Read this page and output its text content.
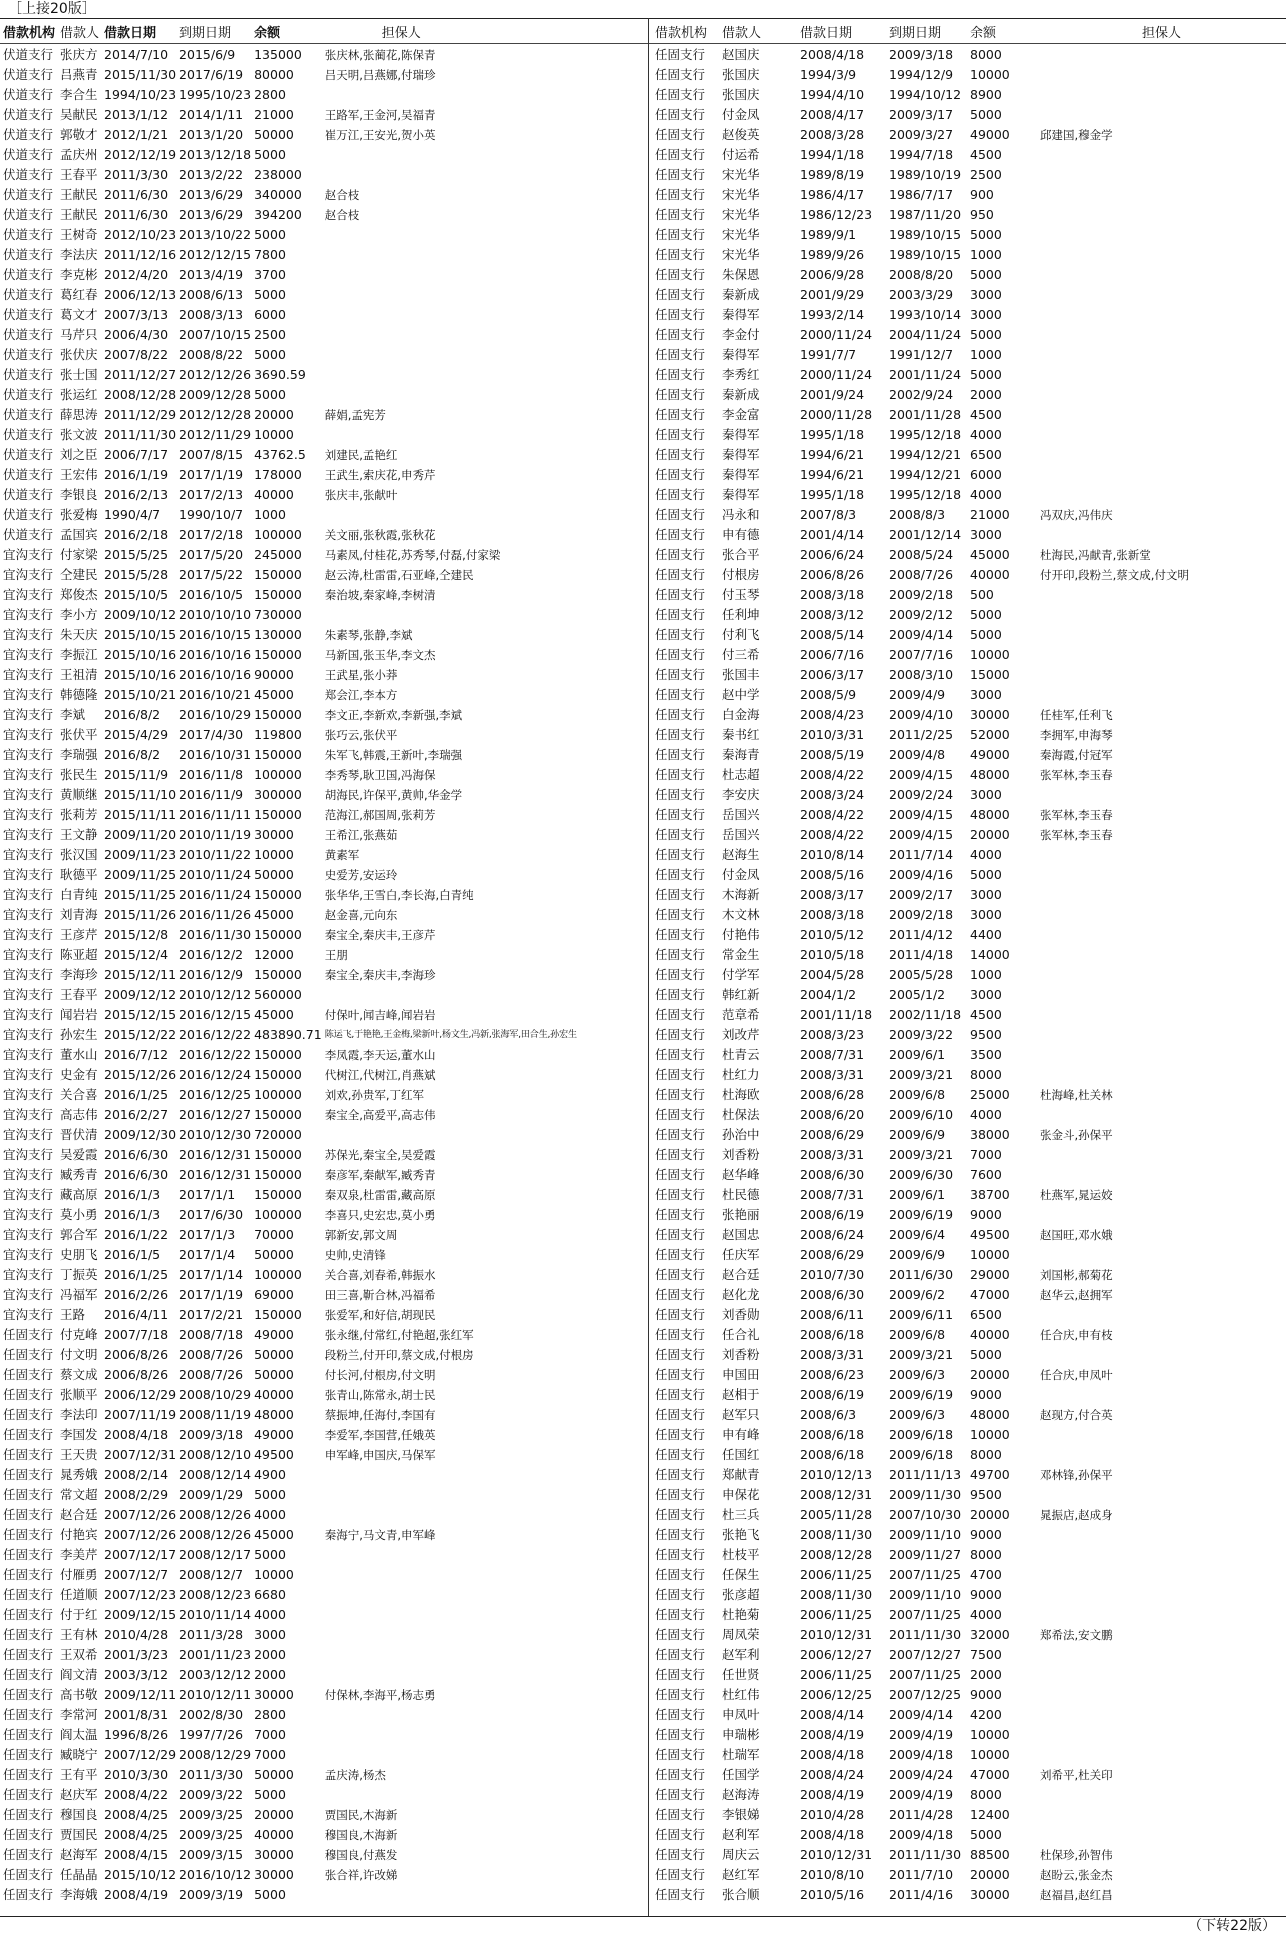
［上接20版］
借款机构	借款人	借款日期	到期日期	余额	担保人
伏道支行	张庆方	2014/7/10	2015/6/9	135000	张庆林,张蔺花,陈保青
伏道支行	吕燕青	2015/11/30	2017/6/19	80000	吕天明,吕燕娜,付瑞珍
伏道支行	李合生	1994/10/23	1995/10/23	2800	
伏道支行	吴献民	2013/1/12	2014/1/11	21000	王路军,王金河,吴福青
伏道支行	郭敬才	2012/1/21	2013/1/20	50000	崔万江,王安光,贺小英
伏道支行	孟庆州	2012/12/19	2013/12/18	5000	
伏道支行	王春平	2011/3/30	2013/2/22	238000	
伏道支行	王献民	2011/6/30	2013/6/29	340000	赵合枝
伏道支行	王献民	2011/6/30	2013/6/29	394200	赵合枝
伏道支行	王树奇	2012/10/23	2013/10/22	5000	
伏道支行	李法庆	2011/12/16	2012/12/15	7800	
伏道支行	李克彬	2012/4/20	2013/4/19	3700	
伏道支行	葛红春	2006/12/13	2008/6/13	5000	
伏道支行	葛文才	2007/3/13	2008/3/13	6000	
伏道支行	马芹只	2006/4/30	2007/10/15	2500	
伏道支行	张伏庆	2007/8/22	2008/8/22	5000	
伏道支行	张士国	2011/12/27	2012/12/26	3690.59	
伏道支行	张运红	2008/12/28	2009/12/28	5000	
伏道支行	薛思涛	2011/12/29	2012/12/28	20000	薛娟,孟宪芳
伏道支行	张文波	2011/11/30	2012/11/29	10000	
伏道支行	刘之臣	2006/7/17	2007/8/15	43762.5	刘建民,孟艳红
伏道支行	王宏伟	2016/1/19	2017/1/19	178000	王武生,索庆花,申秀芹
伏道支行	李银良	2016/2/13	2017/2/13	40000	张庆丰,张献叶
伏道支行	张爱梅	1990/4/7	1990/10/7	1000	
伏道支行	孟国宾	2016/2/18	2017/2/18	100000	关文丽,张秋霞,张秋花
宜沟支行	付家梁	2015/5/25	2017/5/20	245000	马素凤,付桂花,苏秀琴,付磊,付家梁
宜沟支行	仝建民	2015/5/28	2017/5/22	150000	赵云涛,杜雷雷,石亚峰,仝建民
宜沟支行	郑俊杰	2015/10/5	2016/10/5	150000	秦治坡,秦家峰,李树清
宜沟支行	李小方	2009/10/12	2010/10/10	730000	
宜沟支行	朱天庆	2015/10/15	2016/10/15	130000	朱素琴,张静,李斌
宜沟支行	李振江	2015/10/16	2016/10/16	150000	马新国,张玉华,李文杰
宜沟支行	王祖清	2015/10/16	2016/10/16	90000	王武星,张小莽
宜沟支行	韩德隆	2015/10/21	2016/10/21	45000	郑会江,李本方
宜沟支行	李斌	2016/8/2	2016/10/29	150000	李文正,李新欢,李新强,李斌
宜沟支行	张伏平	2015/4/29	2017/4/30	119800	张巧云,张伏平
宜沟支行	李瑞强	2016/8/2	2016/10/31	150000	朱军飞,韩震,王新叶,李瑞强
宜沟支行	张民生	2015/11/9	2016/11/8	100000	李秀琴,耿卫国,冯海保
宜沟支行	黄顺继	2015/11/10	2016/11/9	300000	胡海民,许保平,黄帅,华金学
宜沟支行	张莉芳	2015/11/11	2016/11/11	150000	范海江,郝国周,张莉芳
宜沟支行	王文静	2009/11/20	2010/11/19	30000	王希江,张燕茹
宜沟支行	张汉国	2009/11/23	2010/11/22	10000	黄素军
宜沟支行	耿德平	2009/11/25	2010/11/24	50000	史爱芳,安运玲
宜沟支行	白青纯	2015/11/25	2016/11/24	150000	张华华,王雪白,李长海,白青纯
宜沟支行	刘青海	2015/11/26	2016/11/26	45000	赵金喜,元向东
宜沟支行	王彦芹	2015/12/8	2016/11/30	150000	秦宝全,秦庆丰,王彦芹
宜沟支行	陈亚超	2015/12/4	2016/12/2	12000	王朋
宜沟支行	李海珍	2015/12/11	2016/12/9	150000	秦宝全,秦庆丰,李海珍
宜沟支行	王春平	2009/12/12	2010/12/12	560000	
宜沟支行	闻岩岩	2015/12/15	2016/12/15	45000	付保叶,闻吉峰,闻岩岩
宜沟支行	孙宏生	2015/12/22	2016/12/22	483890.71	陈运飞,于艳艳,王金梅,梁新叶,杨文生,冯新,张海军,田合生,孙宏生
宜沟支行	董水山	2016/7/12	2016/12/22	150000	李凤霞,李天运,董水山
宜沟支行	史金有	2015/12/26	2016/12/24	150000	代树江,代树江,肖燕斌
宜沟支行	关合喜	2016/1/25	2016/12/25	100000	刘欢,孙贵军,丁红军
宜沟支行	高志伟	2016/2/27	2016/12/27	150000	秦宝全,高爱平,高志伟
宜沟支行	晋伏清	2009/12/30	2010/12/30	720000	
宜沟支行	吴爱霞	2016/6/30	2016/12/31	150000	苏保光,秦宝全,吴爱霞
宜沟支行	臧秀青	2016/6/30	2016/12/31	150000	秦彦军,秦献军,臧秀青
宜沟支行	藏高原	2016/1/3	2017/1/1	150000	秦双泉,杜雷雷,藏高原
宜沟支行	莫小勇	2016/1/3	2017/6/30	100000	李喜只,史宏忠,莫小勇
宜沟支行	郭合军	2016/1/22	2017/1/3	70000	郭新安,郭文周
宜沟支行	史朋飞	2016/1/5	2017/1/4	50000	史帅,史清锋
宜沟支行	丁振英	2016/1/25	2017/1/14	100000	关合喜,刘春希,韩振水
宜沟支行	冯福军	2016/2/26	2017/1/19	69000	田三喜,靳合林,冯福希
宜沟支行	王路	2016/4/11	2017/2/21	150000	张爱军,和好信,胡现民
任固支行	付克峰	2007/7/18	2008/7/18	49000	张永继,付常红,付艳超,张红军
任固支行	付文明	2006/8/26	2008/7/26	50000	段粉兰,付开印,蔡文成,付根房
任固支行	蔡文成	2006/8/26	2008/7/26	50000	付长河,付根房,付文明
任固支行	张顺平	2006/12/29	2008/10/29	40000	张青山,陈常永,胡士民
任固支行	李法印	2007/11/19	2008/11/19	48000	蔡振坤,任海付,李国有
任固支行	李国发	2008/4/18	2009/3/18	49000	李爱军,李国营,任娥英
任固支行	王天贵	2007/12/31	2008/12/10	49500	申军峰,申国庆,马保军
任固支行	晁秀娥	2008/2/14	2008/12/14	4900	
任固支行	常文超	2008/2/29	2009/1/29	5000	
任固支行	赵合廷	2007/12/26	2008/12/26	4000	
任固支行	付艳宾	2007/12/26	2008/12/26	45000	秦海宁,马文青,申军峰
任固支行	李美芹	2007/12/17	2008/12/17	5000	
任固支行	付雁勇	2007/12/7	2008/12/7	10000	
任固支行	任道顺	2007/12/23	2008/12/23	6680	
任固支行	付于红	2009/12/15	2010/11/14	4000	
任固支行	王有林	2010/4/28	2011/3/28	3000	
任固支行	王双希	2001/3/23	2001/11/23	2000	
任固支行	阎文清	2003/3/12	2003/12/12	2000	
任固支行	高书敬	2009/12/11	2010/12/11	30000	付保林,李海平,杨志勇
任固支行	李常河	2001/8/31	2002/8/30	2800	
任固支行	阎太温	1996/8/26	1997/7/26	7000	
任固支行	臧晓宁	2007/12/29	2008/12/29	7000	
任固支行	王有平	2010/3/30	2011/3/30	50000	孟庆涛,杨杰
任固支行	赵庆军	2008/4/22	2009/3/22	5000	
任固支行	穆国良	2008/4/25	2009/3/25	20000	贾国民,木海新
任固支行	贾国民	2008/4/25	2009/3/25	40000	穆国良,木海新
任固支行	赵海军	2008/4/15	2009/3/15	30000	穆国良,付燕发
任固支行	任晶晶	2015/10/12	2016/10/12	30000	张合祥,许改娣
任固支行	李海娥	2008/4/19	2009/3/19	5000	
借款机构	借款人	借款日期	到期日期	余额	担保人
任固支行	赵国庆	2008/4/18	2009/3/18	8000	
任固支行	张国庆	1994/3/9	1994/12/9	10000	
任固支行	张国庆	1994/4/10	1994/10/12	8900	
任固支行	付金凤	2008/4/17	2009/3/17	5000	
任固支行	赵俊英	2008/3/28	2009/3/27	49000	邱建国,穆金学
任固支行	付运希	1994/1/18	1994/7/18	4500	
任固支行	宋光华	1989/8/19	1989/10/19	2500	
任固支行	宋光华	1986/4/17	1986/7/17	900	
任固支行	宋光华	1986/12/23	1987/11/20	950	
任固支行	宋光华	1989/9/1	1989/10/15	5000	
任固支行	宋光华	1989/9/26	1989/10/15	1000	
任固支行	朱保恩	2006/9/28	2008/8/20	5000	
任固支行	秦新成	2001/9/29	2003/3/29	3000	
任固支行	秦得军	1993/2/14	1993/10/14	3000	
任固支行	李金付	2000/11/24	2004/11/24	5000	
任固支行	秦得军	1991/7/7	1991/12/7	1000	
任固支行	李秀红	2000/11/24	2001/11/24	5000	
任固支行	秦新成	2001/9/24	2002/9/24	2000	
任固支行	李金富	2000/11/28	2001/11/28	4500	
任固支行	秦得军	1995/1/18	1995/12/18	4000	
任固支行	秦得军	1994/6/21	1994/12/21	6500	
任固支行	秦得军	1994/6/21	1994/12/21	6000	
任固支行	秦得军	1995/1/18	1995/12/18	4000	
任固支行	冯永和	2007/8/3	2008/8/3	21000	冯双庆,冯伟庆
任固支行	申有德	2001/4/14	2001/12/14	3000	
任固支行	张合平	2006/6/24	2008/5/24	45000	杜海民,冯献青,张新堂
任固支行	付根房	2006/8/26	2008/7/26	40000	付开印,段粉兰,蔡文成,付文明
任固支行	付玉琴	2008/3/18	2009/2/18	500	
任固支行	任利坤	2008/3/12	2009/2/12	5000	
任固支行	付利飞	2008/5/14	2009/4/14	5000	
任固支行	付三希	2006/7/16	2007/7/16	10000	
任固支行	张国丰	2006/3/17	2008/3/10	15000	
任固支行	赵中学	2008/5/9	2009/4/9	3000	
任固支行	白金海	2008/4/23	2009/4/10	30000	任桂军,任利飞
任固支行	秦书红	2010/3/31	2011/2/25	52000	李拥军,申海琴
任固支行	秦海青	2008/5/19	2009/4/8	49000	秦海霞,付冠军
任固支行	杜志超	2008/4/22	2009/4/15	48000	张军林,李玉春
任固支行	李安庆	2008/3/24	2009/2/24	3000	
任固支行	岳国兴	2008/4/22	2009/4/15	48000	张军林,李玉春
任固支行	岳国兴	2008/4/22	2009/4/15	20000	张军林,李玉春
任固支行	赵海生	2010/8/14	2011/7/14	4000	
任固支行	付金凤	2008/5/16	2009/4/16	5000	
任固支行	木海新	2008/3/17	2009/2/17	3000	
任固支行	木文林	2008/3/18	2009/2/18	3000	
任固支行	付艳伟	2010/5/12	2011/4/12	4400	
任固支行	常金生	2010/5/18	2011/4/18	14000	
任固支行	付学军	2004/5/28	2005/5/28	1000	
任固支行	韩红新	2004/1/2	2005/1/2	3000	
任固支行	范章希	2001/11/18	2002/11/18	4500	
任固支行	刘改芹	2008/3/23	2009/3/22	9500	
任固支行	杜青云	2008/7/31	2009/6/1	3500	
任固支行	杜红力	2008/3/31	2009/3/21	8000	
任固支行	杜海欧	2008/6/28	2009/6/8	25000	杜海峰,杜关林
任固支行	杜保法	2008/6/20	2009/6/10	4000	
任固支行	孙治中	2008/6/29	2009/6/9	38000	张金斗,孙保平
任固支行	刘香粉	2008/3/31	2009/3/21	7000	
任固支行	赵华峰	2008/6/30	2009/6/30	7600	
任固支行	杜民德	2008/7/31	2009/6/1	38700	杜燕军,晁运姣
任固支行	张艳丽	2008/6/19	2009/6/19	9000	
任固支行	赵国忠	2008/6/24	2009/6/4	49500	赵国旺,邓水娥
任固支行	任庆军	2008/6/29	2009/6/9	10000	
任固支行	赵合廷	2010/7/30	2011/6/30	29000	刘国彬,郝菊花
任固支行	赵化龙	2008/6/30	2009/6/2	47000	赵华云,赵拥军
任固支行	刘香勋	2008/6/11	2009/6/11	6500	
任固支行	任合礼	2008/6/18	2009/6/8	40000	任合庆,申有枝
任固支行	刘香粉	2008/3/31	2009/3/21	5000	
任固支行	申国田	2008/6/23	2009/6/3	20000	任合庆,申凤叶
任固支行	赵相于	2008/6/19	2009/6/19	9000	
任固支行	赵军只	2008/6/3	2009/6/3	48000	赵现方,付合英
任固支行	申有峰	2008/6/18	2009/6/18	10000	
任固支行	任国红	2008/6/18	2009/6/18	8000	
任固支行	郑献青	2010/12/13	2011/11/13	49700	邓林锋,孙保平
任固支行	申保花	2008/12/31	2009/11/30	9500	
任固支行	杜三兵	2005/11/28	2007/10/30	20000	晁振店,赵成身
任固支行	张艳飞	2008/11/30	2009/11/10	9000	
任固支行	杜枝平	2008/12/28	2009/11/27	8000	
任固支行	任保生	2006/11/25	2007/11/25	4700	
任固支行	张彦超	2008/11/30	2009/11/10	9000	
任固支行	杜艳菊	2006/11/25	2007/11/25	4000	
任固支行	周凤荣	2010/12/31	2011/11/30	32000	郑希法,安文鹏
任固支行	赵军利	2006/12/27	2007/12/27	7500	
任固支行	任世贤	2006/11/25	2007/11/25	2000	
任固支行	杜红伟	2006/12/25	2007/12/25	9000	
任固支行	申凤叶	2008/4/14	2009/4/14	4200	
任固支行	申瑞彬	2008/4/19	2009/4/19	10000	
任固支行	杜瑞军	2008/4/18	2009/4/18	10000	
任固支行	任国学	2008/4/24	2009/4/24	47000	刘希平,杜关印
任固支行	赵海涛	2008/4/19	2009/4/19	8000	
任固支行	李银娣	2010/4/28	2011/4/28	12400	
任固支行	赵利军	2008/4/18	2009/4/18	5000	
任固支行	周庆云	2010/12/31	2011/11/30	88500	杜保珍,孙智伟
任固支行	赵红军	2010/8/10	2011/7/10	20000	赵盼云,张金杰
任固支行	张合顺	2010/5/16	2011/4/16	30000	赵福昌,赵红昌
（下转22版）
